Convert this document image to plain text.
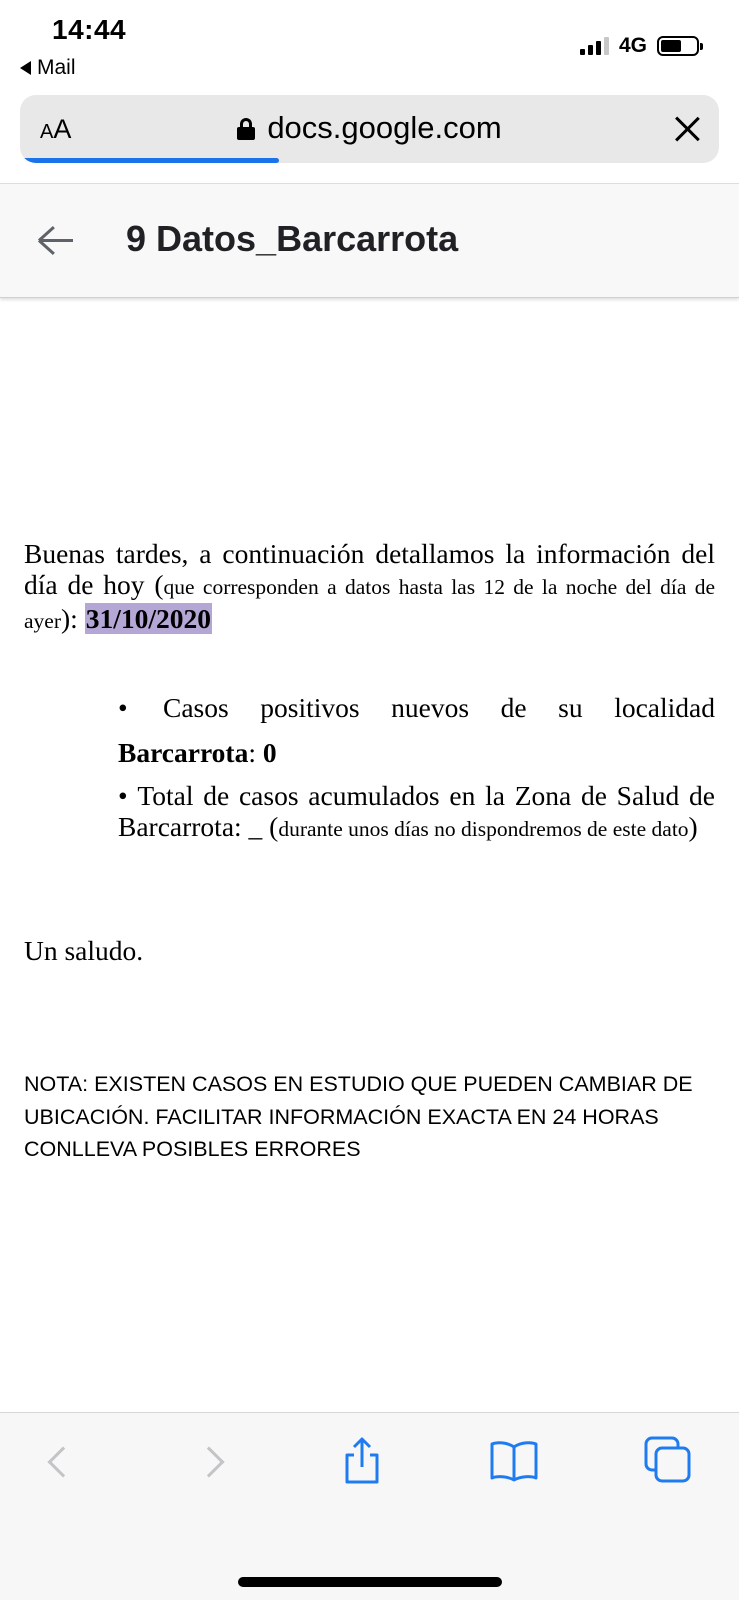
14:44
Mail
4G
AA	docs.google.com
9 Datos_Barcarrota

Buenas tardes, a continuación detallamos la información del día de hoy (que corresponden a datos hasta las 12 de la noche del día de ayer): 31/10/2020

•	Casos positivos nuevos de su localidad
Barcarrota: 0

• Total de casos acumulados en la Zona de Salud de Barcarrota: _ (durante unos días no dispondremos de este dato)

Un saludo.
NOTA: EXISTEN CASOS EN ESTUDIO QUE PUEDEN CAMBIAR DE UBICACIÓN. FACILITAR INFORMACIÓN EXACTA EN 24 HORAS CONLLEVA POSIBLES ERRORES
